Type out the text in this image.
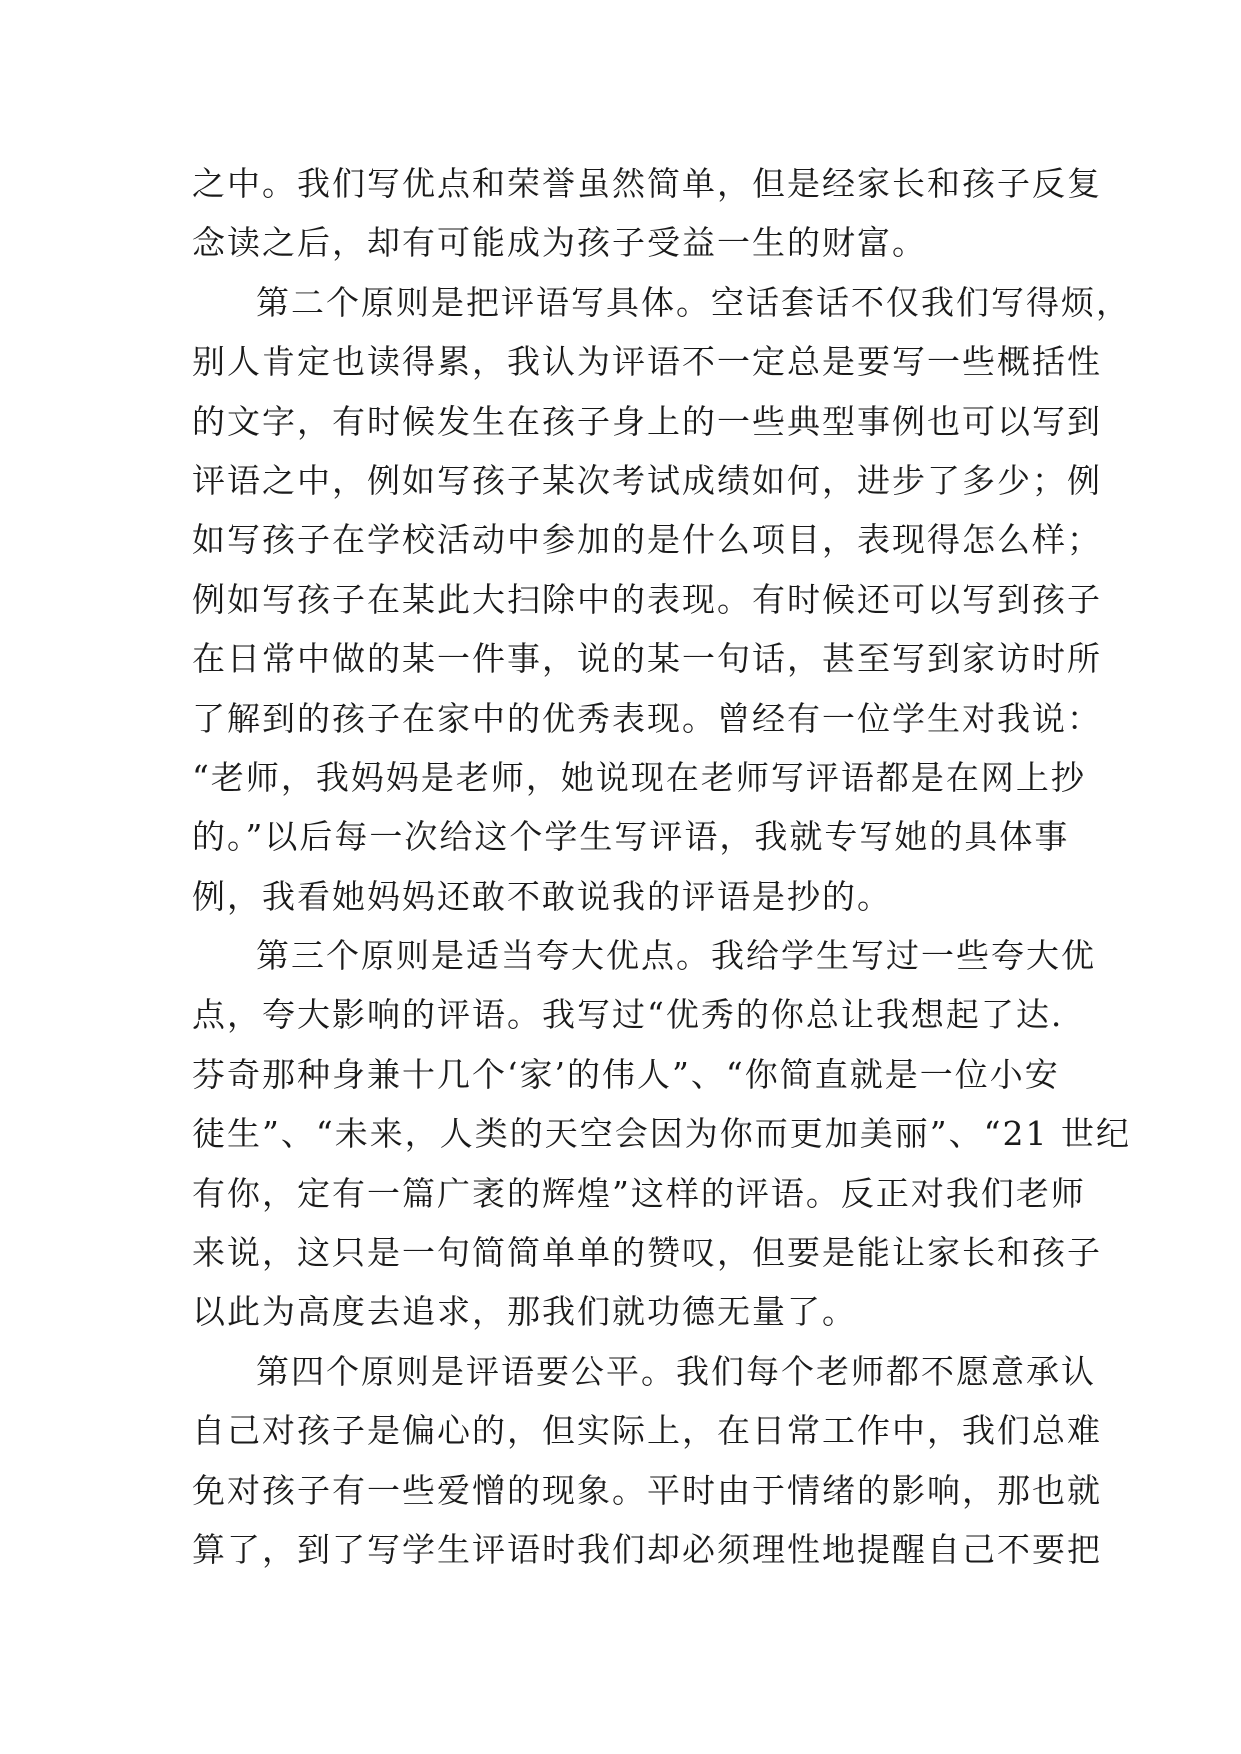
之中。我们写优点和荣誉虽然简单，但是经家长和孩子反复
念读之后，却有可能成为孩子受益一生的财富。
第二个原则是把评语写具体。空话套话不仅我们写得烦，
别人肯定也读得累，我认为评语不一定总是要写一些概括性
的文字，有时候发生在孩子身上的一些典型事例也可以写到
评语之中，例如写孩子某次考试成绩如何，进步了多少；例
如写孩子在学校活动中参加的是什么项目，表现得怎么样；
例如写孩子在某此大扫除中的表现。有时候还可以写到孩子
在日常中做的某一件事，说的某一句话，甚至写到家访时所
了解到的孩子在家中的优秀表现。曾经有一位学生对我说：
“老师，我妈妈是老师，她说现在老师写评语都是在网上抄
的。”以后每一次给这个学生写评语，我就专写她的具体事
例，我看她妈妈还敢不敢说我的评语是抄的。
第三个原则是适当夸大优点。我给学生写过一些夸大优
点，夸大影响的评语。我写过“优秀的你总让我想起了达.
芬奇那种身兼十几个‘家’的伟人”、“你简直就是一位小安
徒生”、“未来，人类的天空会因为你而更加美丽”、“21 世纪
有你，定有一篇广袤的辉煌”这样的评语。反正对我们老师
来说，这只是一句简简单单的赞叹，但要是能让家长和孩子
以此为高度去追求，那我们就功德无量了。
第四个原则是评语要公平。我们每个老师都不愿意承认
自己对孩子是偏心的，但实际上，在日常工作中，我们总难
免对孩子有一些爱憎的现象。平时由于情绪的影响，那也就
算了，到了写学生评语时我们却必须理性地提醒自己不要把
